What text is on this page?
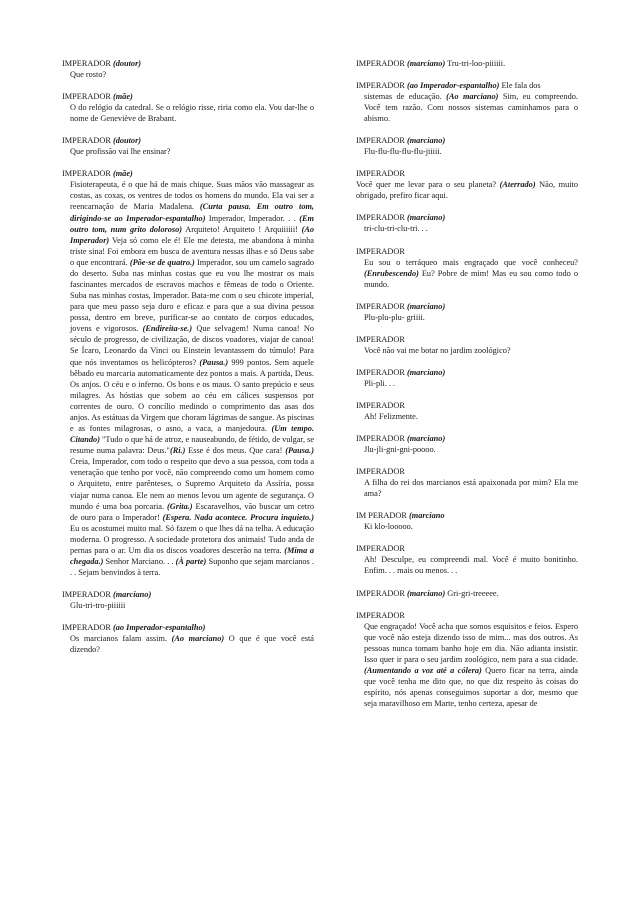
IMPERADOR (doutor)
Que rosto?
IMPERADOR (mãe)
O do relógio da catedral. Se o relógio risse, riria como ela. Vou dar-lhe o nome de Geneviève de Brabant.
IMPERADOR (doutor)
Que profissão vai lhe ensinar?
IMPERADOR (mãe)
Fisioterapeuta, é o que há de mais chique. Suas mãos vão massagear as costas, as coxas, os ventres de todos os homens do mundo. Ela vai ser a reencarnação de Maria Madalena. (Curta pausa. Em outro tom, dirigindo-se ao Imperador-espantalho) Imperador, Imperador. . . (Em outro tom, num grito doloroso) Arquiteto! Arquiteto ! Arquiiiiii! (Ao Imperador) Veja só como ele é! Ele me detesta, me abandona à minha triste sina! Foi embora em busca de aventura nessas ilhas e só Deus sabe o que encontrará. (Põe-se de quatro.) Imperador, sou um camelo sagrado do deserto. Suba nas minhas costas que eu vou lhe mostrar os mais fascinantes mercados de escravos machos e fêmeas de todo o Oriente. Suba nas minhas costas, Imperador. Bata-me com o seu chicote imperial, para que meu passo seja duro e eficaz e para que a sua divina pessoa possa, dentro em breve, purificar-se ao contato de corpos educados, jovens e vigorosos. (Endireita-se.) Que selvagem! Numa canoa! No século de progresso, de civilização, de discos voadores, viajar de canoa! Se Ícaro, Leonardo da Vinci ou Einstein levantassem do túmulo! Para que nós inventamos os helicópteros? (Pausa.) 999 pontos. Sem aquele bêbado eu marcaria automaticamente dez pontos a mais. A partida, Deus. Os anjos. O céu e o inferno. Os bons e os maus. O santo prepúcio e seus milagres. As hóstias que sobem ao céu em cálices suspensos por correntes de ouro. O concílio medindo o comprimento das asas dos anjos. As estátuas da Virgem que choram lágrimas de sangue. As piscinas e as fontes milagrosas, o asno, a vaca, a manjedoura. (Um tempo. Citando) "Tudo o que há de atroz, e nauseabundo, de fétido, de vulgar, se resume numa palavra: Deus."(Ri.) Esse é dos meus. Que cara! (Pausa.) Creia, Imperador, com todo o respeito que devo a sua pessoa, com toda a veneração que tenho por você, não compreendo como um homem como o Arquiteto, entre parênteses, o Supremo Arquiteto da Assíria, possa viajar numa canoa. Ele nem ao menos levou um agente de segurança. O mundo é uma boa porcaria. (Grita.) Escaravelhos, vão buscar um cetro de ouro para o Imperador! (Espera. Nada acontece. Procura inquieto.) Eu os acostumei muito mal. Só fazem o que lhes dá na telha. A educação moderna. O progresso. A sociedade protetora dos animais! Tudo anda de pernas para o ar. Um dia os discos voadores descerão na terra. (Mima a chegada.) Senhor Marciano. . . (À parte) Suponho que sejam marcianos . . . Sejam benvindos à terra.
IMPERADOR (marciano)
Glu-tri-tro-piiiiii
IMPERADOR (ao Imperador-espantalho)
Os marcianos falam assim. (Ao marciano) O que é que você está dizendo?
IMPERADOR (marciano) Tru-tri-loo-piiiiii.
IMPERADOR (ao Imperador-espantalho) Ele fala dos
sistemas de educação. (Ao marciano) Sim, eu compreendo. Você tem razão. Com nossos sistemas caminhamos para o abismo.
IMPERADOR (marciano)
Flu-flu-flu-flu-flu-jiiiii.
IMPERADOR
Você quer me levar para o seu planeta? (Aterrado) Não, muito obrigado, prefiro ficar aqui.
IMPERADOR (marciano)
tri-clu-tri-clu-tri. . .
IMPERADOR
Eu sou o terráqueo mais engraçado que você conheceu? (Enrubescendo) Eu? Pobre de mim! Mas eu sou como todo o mundo.
IMPERADOR (marciano)
Plu-plu-plu- griiii.
IMPERADOR
Você não vai me botar no jardim zoológico?
IMPERADOR (marciano)
Pli-pli. . .
IMPERADOR
Ah! Felizmente.
IMPERADOR (marciano)
Jlu-jli-gni-gni-poooo.
IMPERADOR
A filha do rei dos marcianos está apaixonada por mim? Ela me ama?
IM PERADOR (marciano
Ki klo-looooo.
IMPERADOR
Ah! Desculpe, eu compreendi mal. Você é muito bonitinho. Enfim. . . mais ou menos. . .
IMPERADOR (marciano) Gri-gri-treeeee.
IMPERADOR
Que engraçado! Você acha que somos esquisitos e feios. Espero que você não esteja dizendo isso de mim... mas dos outros. As pessoas nunca tomam banho hoje em dia. Não adianta insistir. Isso quer ir para o seu jardim zoológico, nem para a sua cidade. (Aumentando a voz até a cólera) Quero ficar na terra, ainda que você tenha me dito que, no que diz respeito às coisas do espírito, nós apenas conseguimos suportar a dor, mesmo que seja maravilhoso em Marte, tenho certeza, apesar de
